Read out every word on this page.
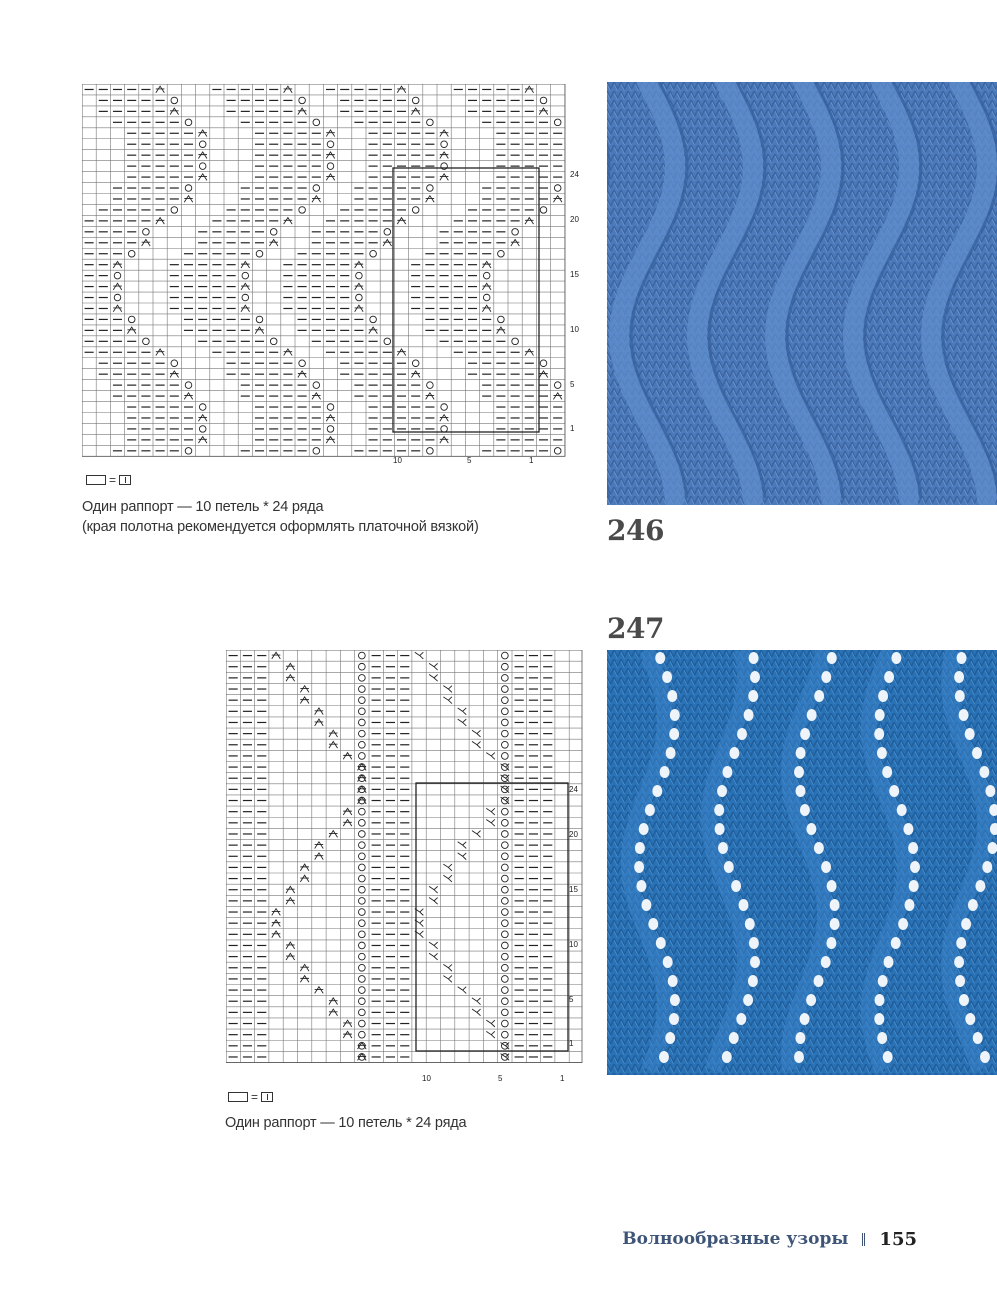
24
20
15
10
5
1
10	5	1
=
Один раппорт — 10 петель * 24 ряда
(края полотна рекомендуется оформлять платочной вязкой)	246
247
24
20
15
10
5
1
10	5	1
=
Один раппорт — 10 петель * 24 ряда
Волнообразные узоры 155
